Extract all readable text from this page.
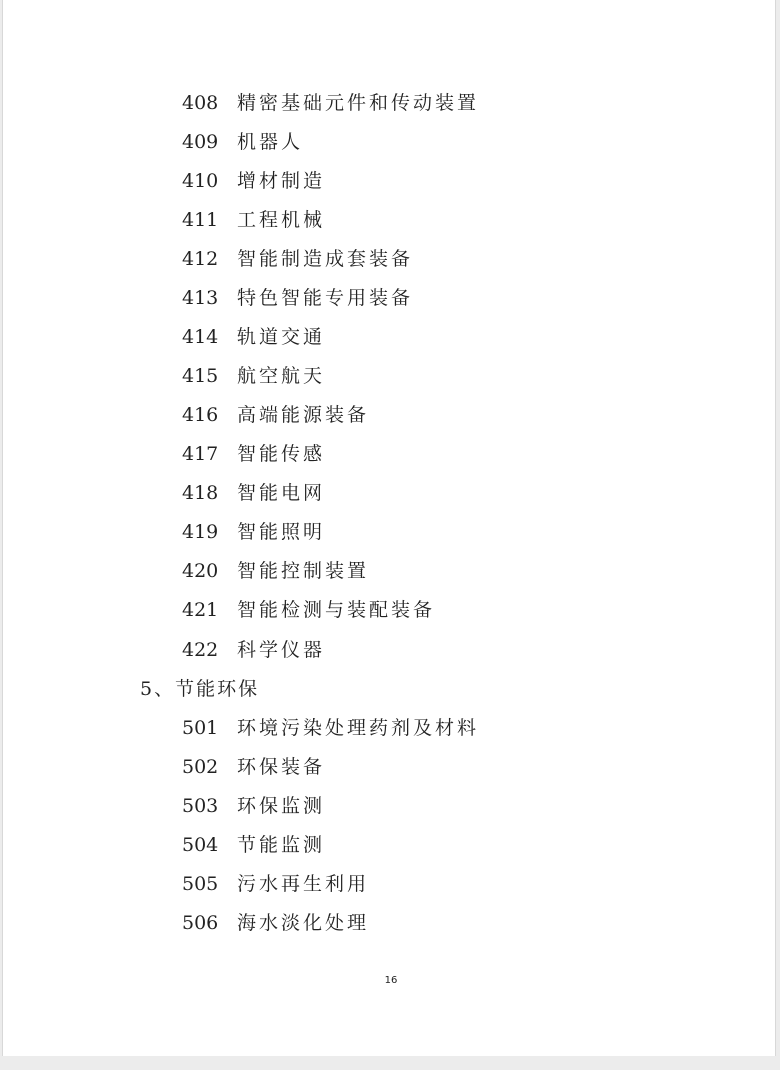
408 精密基础元件和传动装置
409 机器人
410 增材制造
411 工程机械
412 智能制造成套装备
413 特色智能专用装备
414 轨道交通
415 航空航天
416 高端能源装备
417 智能传感
418 智能电网
419 智能照明
420 智能控制装置
421 智能检测与装配装备
422 科学仪器
5、节能环保
501 环境污染处理药剂及材料
502 环保装备
503 环保监测
504 节能监测
505 污水再生利用
506 海水淡化处理
16
